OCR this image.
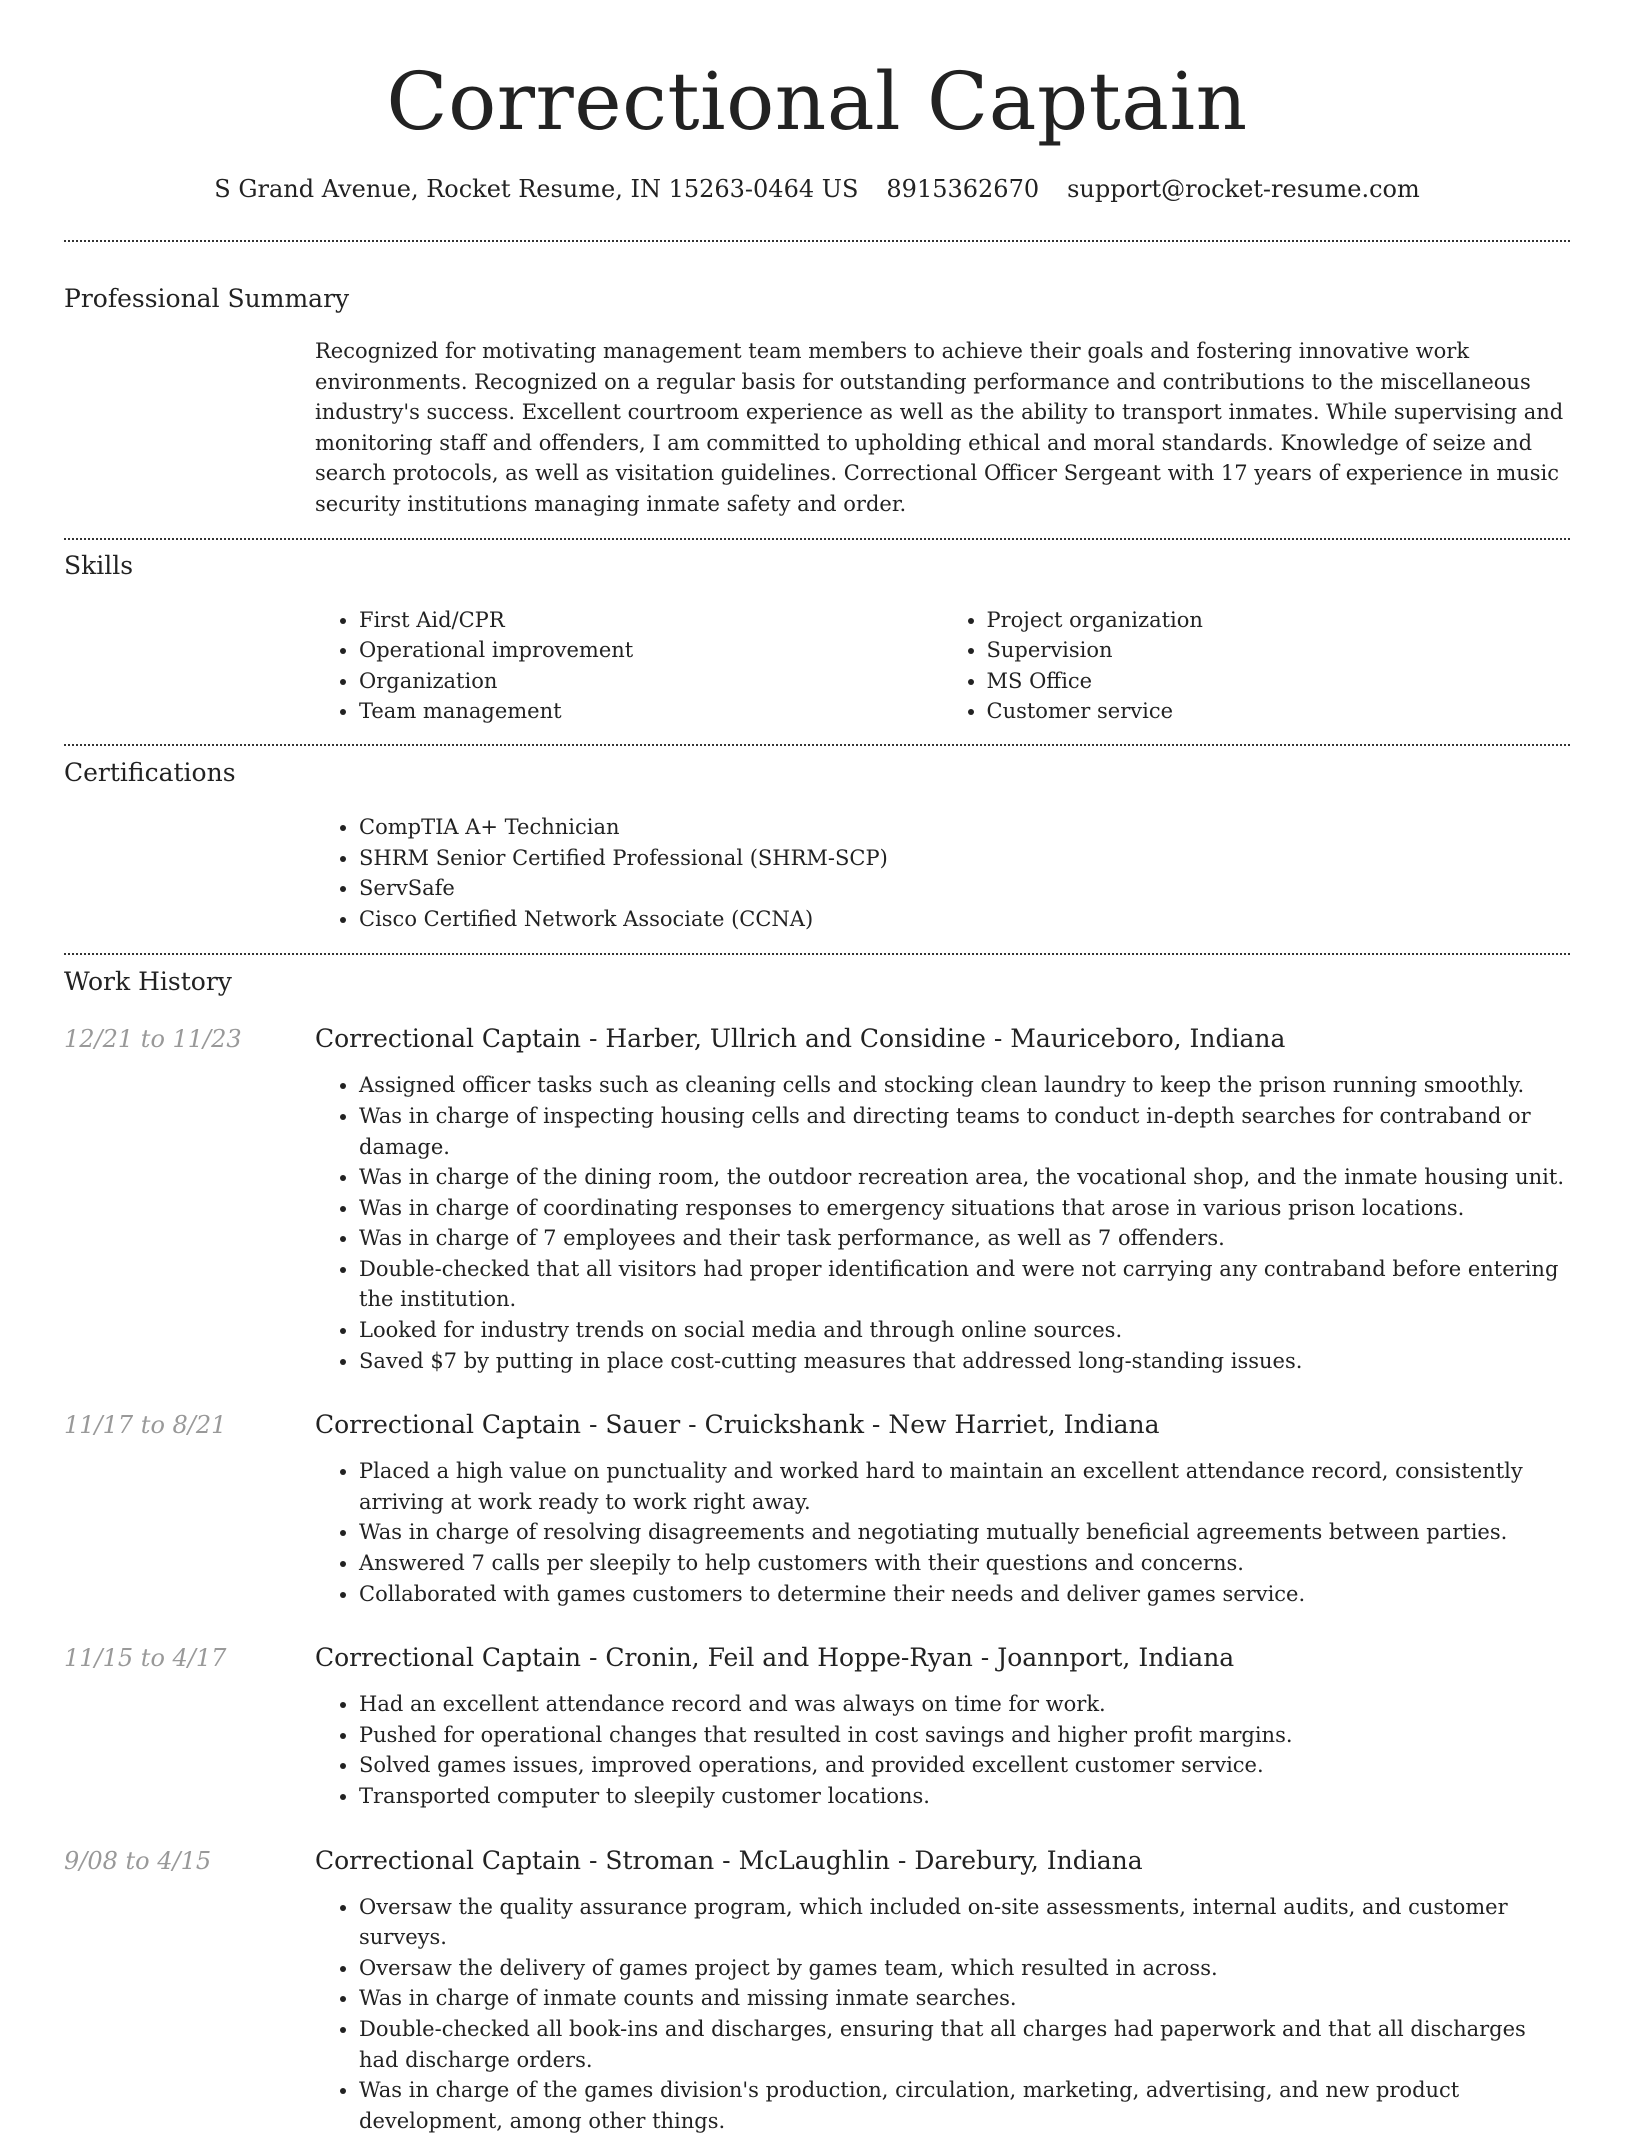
Correctional Captain
S Grand Avenue, Rocket Resume, IN 15263-0464 US 8915362670 support@rocket-resume.com
Professional Summary
Recognized for motivating management team members to achieve their goals and fostering innovative work environments. Recognized on a regular basis for outstanding performance and contributions to the miscellaneous industry's success. Excellent courtroom experience as well as the ability to transport inmates. While supervising and monitoring staff and offenders, I am committed to upholding ethical and moral standards. Knowledge of seize and search protocols, as well as visitation guidelines. Correctional Officer Sergeant with 17 years of experience in music security institutions managing inmate safety and order.
Skills
• First Aid/CPR
• Operational improvement
• Organization
• Team management
• Project organization
• Supervision
• MS Office
• Customer service
Certifications
• CompTIA A+ Technician
• SHRM Senior Certified Professional (SHRM-SCP)
• ServSafe
• Cisco Certified Network Associate (CCNA)
Work History
12/21 to 11/23	Correctional Captain - Harber, Ullrich and Considine - Mauriceboro, Indiana
• Assigned officer tasks such as cleaning cells and stocking clean laundry to keep the prison running smoothly.
• Was in charge of inspecting housing cells and directing teams to conduct in-depth searches for contraband or damage.
• Was in charge of the dining room, the outdoor recreation area, the vocational shop, and the inmate housing unit.
• Was in charge of coordinating responses to emergency situations that arose in various prison locations.
• Was in charge of 7 employees and their task performance, as well as 7 offenders.
• Double-checked that all visitors had proper identification and were not carrying any contraband before entering the institution.
• Looked for industry trends on social media and through online sources.
• Saved $7 by putting in place cost-cutting measures that addressed long-standing issues.
11/17 to 8/21	Correctional Captain - Sauer - Cruickshank - New Harriet, Indiana
• Placed a high value on punctuality and worked hard to maintain an excellent attendance record, consistently arriving at work ready to work right away.
• Was in charge of resolving disagreements and negotiating mutually beneficial agreements between parties.
• Answered 7 calls per sleepily to help customers with their questions and concerns.
• Collaborated with games customers to determine their needs and deliver games service.
11/15 to 4/17	Correctional Captain - Cronin, Feil and Hoppe-Ryan - Joannport, Indiana
• Had an excellent attendance record and was always on time for work.
• Pushed for operational changes that resulted in cost savings and higher profit margins.
• Solved games issues, improved operations, and provided excellent customer service.
• Transported computer to sleepily customer locations.
9/08 to 4/15	Correctional Captain - Stroman - McLaughlin - Darebury, Indiana
• Oversaw the quality assurance program, which included on-site assessments, internal audits, and customer surveys.
• Oversaw the delivery of games project by games team, which resulted in across.
• Was in charge of inmate counts and missing inmate searches.
• Double-checked all book-ins and discharges, ensuring that all charges had paperwork and that all discharges had discharge orders.
• Was in charge of the games division's production, circulation, marketing, advertising, and new product development, among other things.
